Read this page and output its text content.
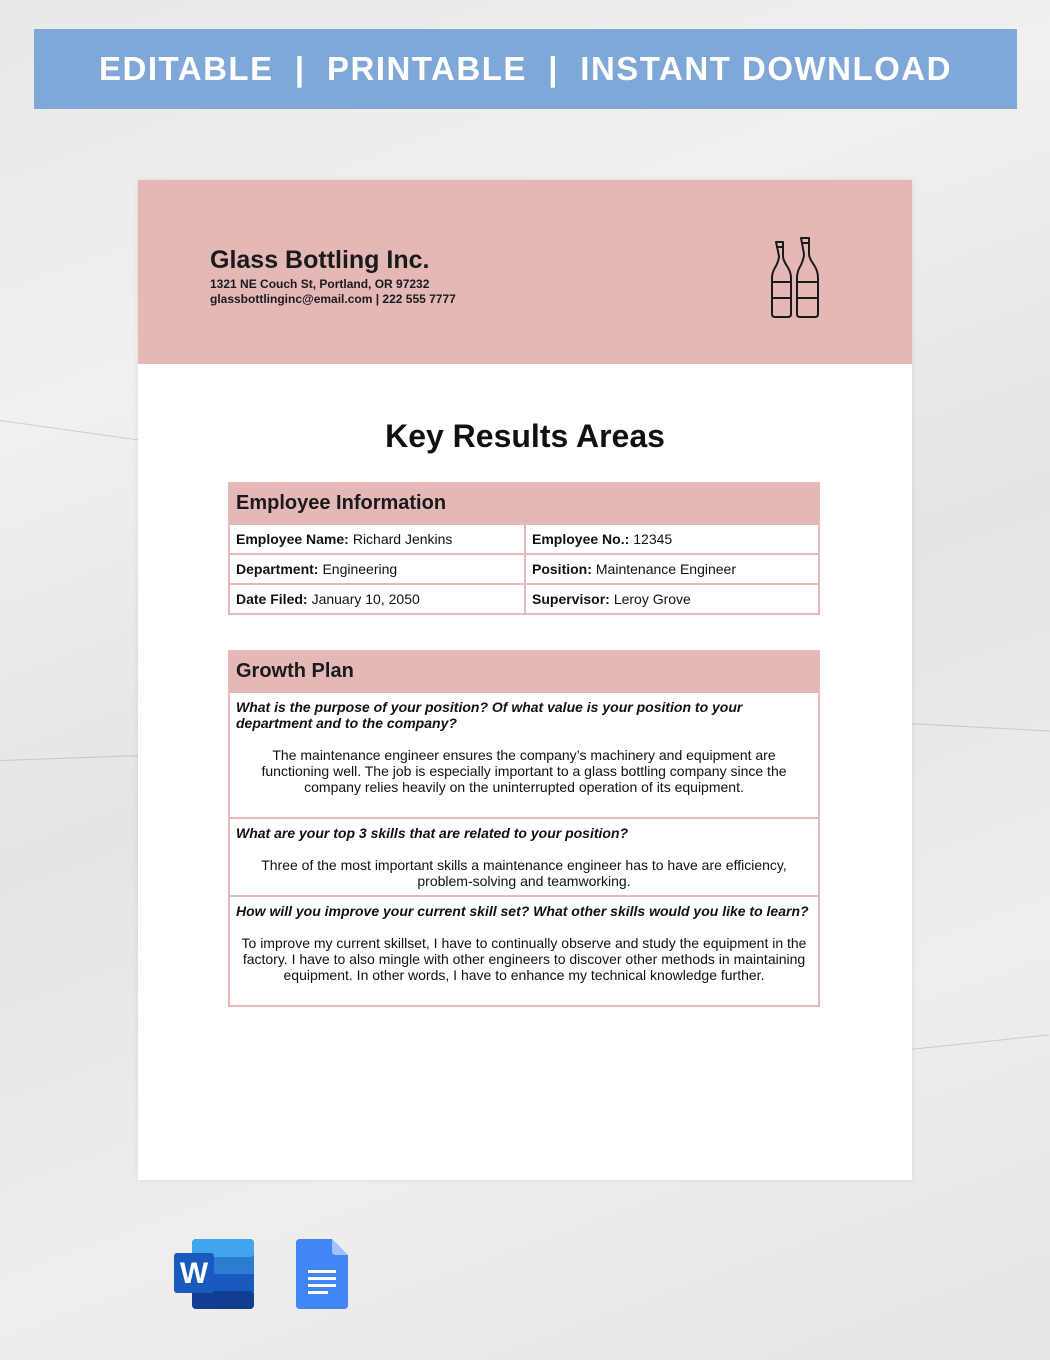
EDITABLE  |  PRINTABLE  |  INSTANT DOWNLOAD
Glass Bottling Inc.
1321 NE Couch St, Portland, OR 97232
glassbottlinginc@email.com | 222 555 7777
Key Results Areas
Employee Information
Employee Name: Richard Jenkins	Employee No.: 12345
Department: Engineering	Position: Maintenance Engineer
Date Filed: January 10, 2050	Supervisor: Leroy Grove
Growth Plan
What is the purpose of your position? Of what value is your position to your department and to the company?
The maintenance engineer ensures the company’s machinery and equipment are functioning well. The job is especially important to a glass bottling company since the company relies heavily on the uninterrupted operation of its equipment.
What are your top 3 skills that are related to your position?
Three of the most important skills a maintenance engineer has to have are efficiency, problem-solving and teamworking.
How will you improve your current skill set? What other skills would you like to learn?
To improve my current skillset, I have to continually observe and study the equipment in the factory. I have to also mingle with other engineers to discover other methods in maintaining equipment. In other words, I have to enhance my technical knowledge further.
W
